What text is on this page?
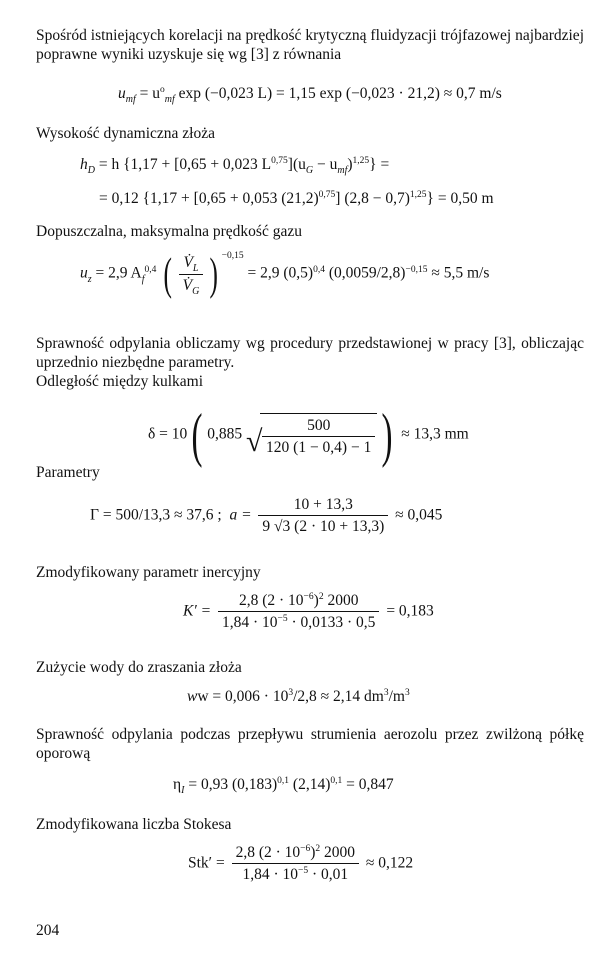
Spośród istniejących korelacji na prędkość krytyczną fluidyzacji trójfazowej najbardziej poprawne wyniki uzyskuje się wg [3] z równania

$u_{mf} = u^o_{mf}$ exp (−0,023 L) = 1,15 exp (−0,023 · 21,2) ≈ 0,7 m/s

Wysokość dynamiczna złoża

$h_D = h$ {1,17 + [0,65 + 0,023 $L^{0,75}](u_G - u_{mf})^{1,25}$} =
= 0,12 {1,17 + [0,65 + 0,053 $(21,2)^{0,75}$] $(2,8 - 0,7)^{1,25}\} = 0,50$ m

Dopuszczalna, maksymalna prędkość gazu

$u_z = 2,9$ $A_f^{0,4}$ ( $\frac{V̇_L}{V̇_G}$ ) $^{-0,15}$ = 2,9 $(0,5)^{0,4}$ $(0,0059/2,8)^{-0,15} \approx 5,5$ m/s

Sprawność odpylania obliczamy wg procedury przedstawionej w pracy [3], obliczając uprzednio niezbędne parametry.

Odległość między kulkami

δ = 10( 0,885 √ $\frac{500}{120 (1 - 0,4) - 1}$ ) ≈ 13,3 mm

Parametry

Γ = 500/13,3 ≈ 37,6 ; $a = \frac{10 + 13,3}{9 √3 (2 \cdot 10 + 13,3)} \approx 0,045$

Zmodyfikowany parametr inercyjny

$K' = \frac{2,8 (2 \cdot 10^{-6})^2 2000}{1,84 \cdot 10^{-5} \cdot 0,0133 \cdot 0,5} = 0,183$

Zużycie wody do zraszania złoża

ww = $0,006 \cdot 10^3/2,8 \approx 2,14$ $dm^3/m^3$

Sprawność odpylania podczas przepływu strumienia aerozolu przez zwilżoną półkę oporową

$\eta_I = 0,93$ $(0,183)^{0,1}$ $(2,14)^{0,1} = 0,847$

Zmodyfikowana liczba Stokesa

$Stk' = \frac{2,8 (2 \cdot 10^{-6})^2 2000}{1,84 \cdot 10^{-5} \cdot 0,01} \approx 0,122$
204
